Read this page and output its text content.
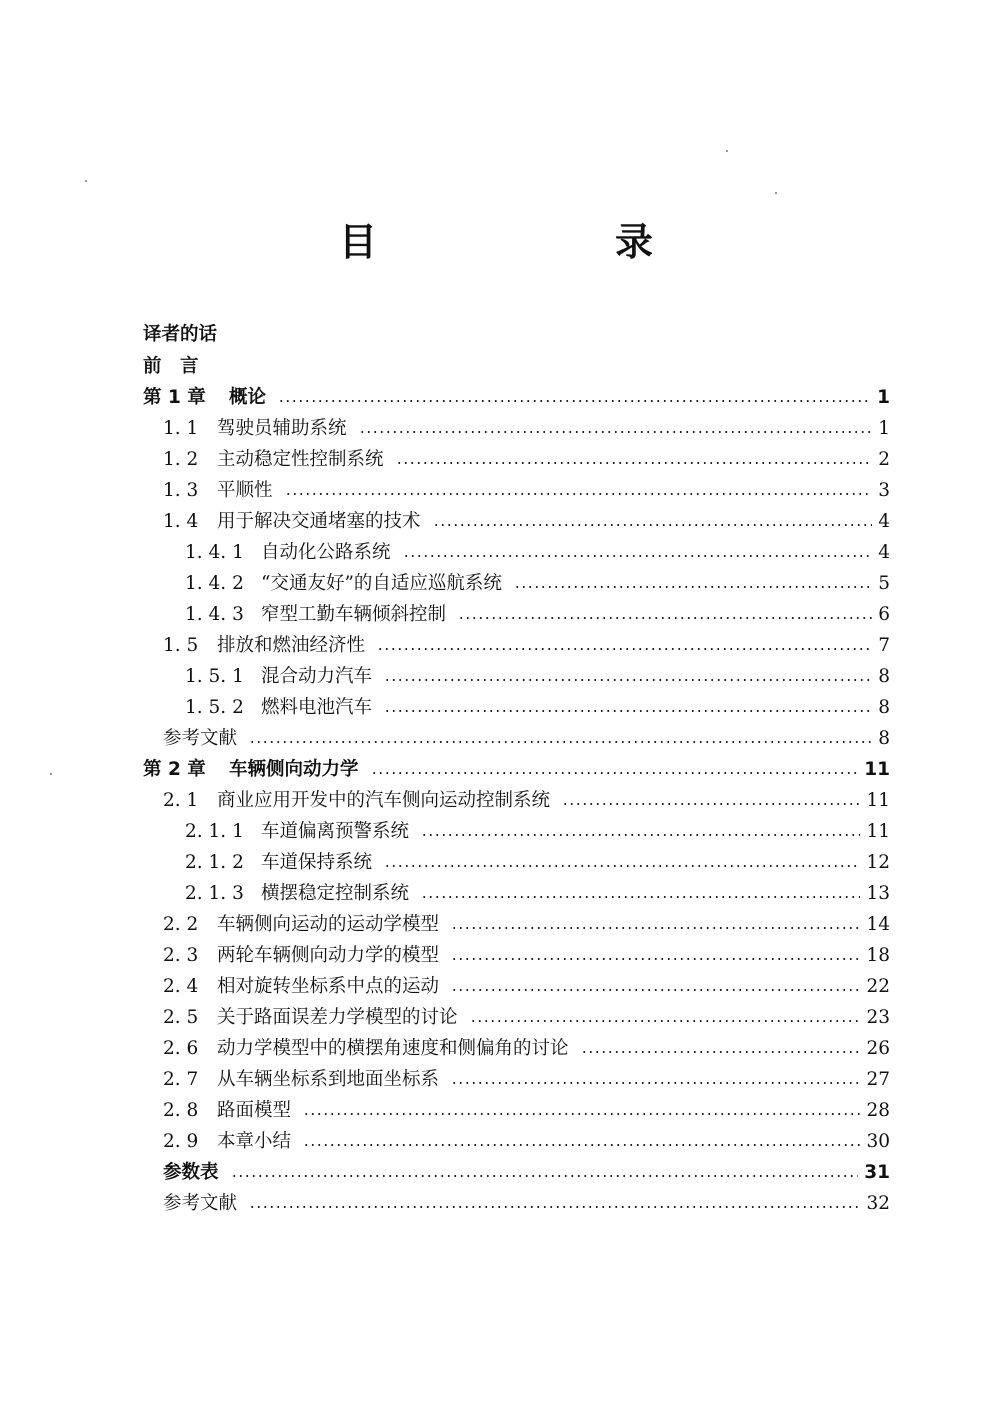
目　录
译者的话
前　言
第 1 章	概论	1
1. 1	驾驶员辅助系统	1
1. 2	主动稳定性控制系统	2
1. 3	平顺性	3
1. 4	用于解决交通堵塞的技术	4
1. 4. 1 自动化公路系统	4
1. 4. 2 “交通友好”的自适应巡航系统	5
1. 4. 3 窄型工勤车辆倾斜控制	6
1. 5	排放和燃油经济性	7
1. 5. 1 混合动力汽车	8
1. 5. 2 燃料电池汽车	8
参考文献	8
第 2 章	车辆侧向动力学	11
2. 1	商业应用开发中的汽车侧向运动控制系统	11
2. 1. 1 车道偏离预警系统	11
2. 1. 2 车道保持系统	12
2. 1. 3 横摆稳定控制系统	13
2. 2	车辆侧向运动的运动学模型	14
2. 3	两轮车辆侧向动力学的模型	18
2. 4	相对旋转坐标系中点的运动	22
2. 5	关于路面误差力学模型的讨论	23
2. 6	动力学模型中的横摆角速度和侧偏角的讨论	26
2. 7	从车辆坐标系到地面坐标系	27
2. 8	路面模型	28
2. 9	本章小结	30
参数表	31
参考文献	32
